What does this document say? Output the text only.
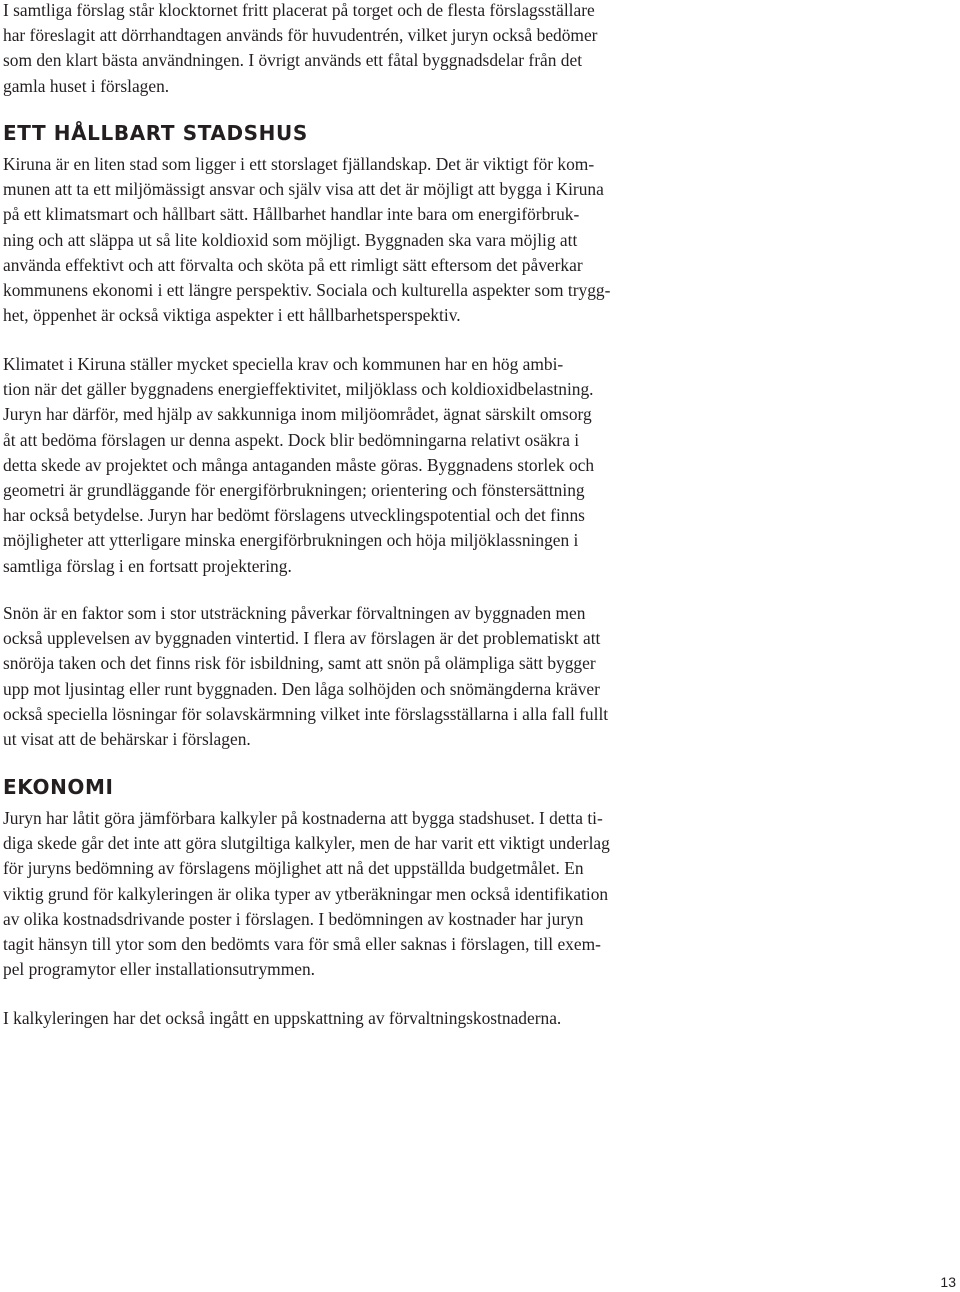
I samtliga förslag står klocktornet fritt placerat på torget och de flesta förslagsställare
har föreslagit att dörrhandtagen används för huvudentrén, vilket juryn också bedömer
som den klart bästa användningen. I övrigt används ett fåtal byggnadsdelar från det
gamla huset i förslagen.
ETT HÅLLBART STADSHUS
Kiruna är en liten stad som ligger i ett storslaget fjällandskap. Det är viktigt för kom-
munen att ta ett miljömässigt ansvar och själv visa att det är möjligt att bygga i Kiruna
på ett klimatsmart och hållbart sätt. Hållbarhet handlar inte bara om energiförbruk-
ning och att släppa ut så lite koldioxid som möjligt. Byggnaden ska vara möjlig att
använda effektivt och att förvalta och sköta på ett rimligt sätt eftersom det påverkar
kommunens ekonomi i ett längre perspektiv. Sociala och kulturella aspekter som trygg-
het, öppenhet är också viktiga aspekter i ett hållbarhetsperspektiv.
Klimatet i Kiruna ställer mycket speciella krav och kommunen har en hög ambi-
tion när det gäller byggnadens energieffektivitet, miljöklass och koldioxidbelastning.
Juryn har därför, med hjälp av sakkunniga inom miljöområdet, ägnat särskilt omsorg
åt att bedöma förslagen ur denna aspekt. Dock blir bedömningarna relativt osäkra i
detta skede av projektet och många antaganden måste göras. Byggnadens storlek och
geometri är grundläggande för energiförbrukningen; orientering och fönstersättning
har också betydelse. Juryn har bedömt förslagens utvecklingspotential och det finns
möjligheter att ytterligare minska energiförbrukningen och höja miljöklassningen i
samtliga förslag i en fortsatt projektering.
Snön är en faktor som i stor utsträckning påverkar förvaltningen av byggnaden men
också upplevelsen av byggnaden vintertid. I flera av förslagen är det problematiskt att
snöröja taken och det finns risk för isbildning, samt att snön på olämpliga sätt bygger
upp mot ljusintag eller runt byggnaden. Den låga solhöjden och snömängderna kräver
också speciella lösningar för solavskärmning vilket inte förslagsställarna i alla fall fullt
ut visat att de behärskar i förslagen.
EKONOMI
Juryn har låtit göra jämförbara kalkyler på kostnaderna att bygga stadshuset. I detta ti-
diga skede går det inte att göra slutgiltiga kalkyler, men de har varit ett viktigt underlag
för juryns bedömning av förslagens möjlighet att nå det uppställda budgetmålet. En
viktig grund för kalkyleringen är olika typer av ytberäkningar men också identifikation
av olika kostnadsdrivande poster i förslagen. I bedömningen av kostnader har juryn
tagit hänsyn till ytor som den bedömts vara för små eller saknas i förslagen, till exem-
pel programytor eller installationsutrymmen.
I kalkyleringen har det också ingått en uppskattning av förvaltningskostnaderna.
13
